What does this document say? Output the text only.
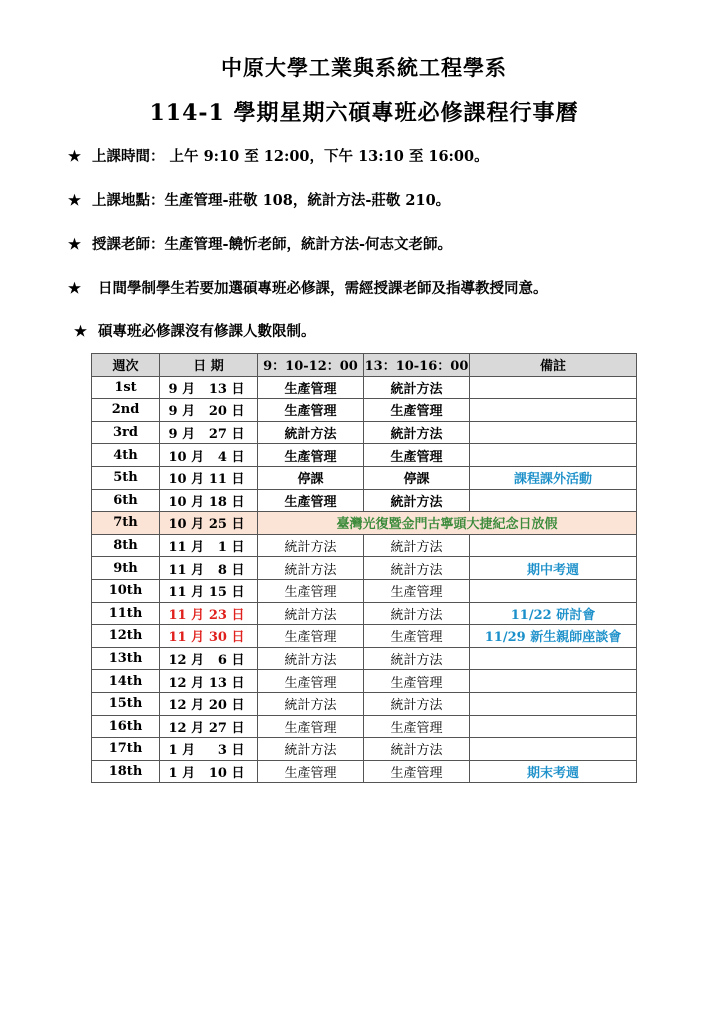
中原大學工業與系統工程學系
114-1 學期星期六碩專班必修課程行事曆
★ 上課時間： 上午 9:10 至 12:00，下午 13:10 至 16:00。
★ 上課地點：生產管理-莊敬 108，統計方法-莊敬 210。
★ 授課老師：生產管理-饒忻老師，統計方法-何志文老師。
★ 日間學制學生若要加選碩專班必修課，需經授課老師及指導教授同意。
★ 碩專班必修課沒有修課人數限制。
週次	日 期	9：10-12：00	13：10-16：00	備註	
1st	9 月 13 日	生產管理	統計方法		
2nd	9 月 20 日	生產管理	生產管理		
3rd	9 月 27 日	統計方法	統計方法		
4th	10 月 4 日	生產管理	生產管理		
5th	10 月 11 日	停課	停課	課程課外活動	
6th	10 月 18 日	生產管理	統計方法		
7th	10 月 25 日	臺灣光復暨金門古寧頭大捷紀念日放假			
8th	11 月 1 日	統計方法	統計方法		
9th	11 月 8 日	統計方法	統計方法	期中考週	
10th	11 月 15 日	生產管理	生產管理		
11th	11 月 23 日	統計方法	統計方法	11/22 研討會	
12th	11 月 30 日	生產管理	生產管理	11/29 新生親師座談會	
13th	12 月 6 日	統計方法	統計方法		
14th	12 月 13 日	生產管理	生產管理		
15th	12 月 20 日	統計方法	統計方法		
16th	12 月 27 日	生產管理	生產管理		
17th	1 月 3 日	統計方法	統計方法		
18th	1 月 10 日	生產管理	生產管理	期末考週	
